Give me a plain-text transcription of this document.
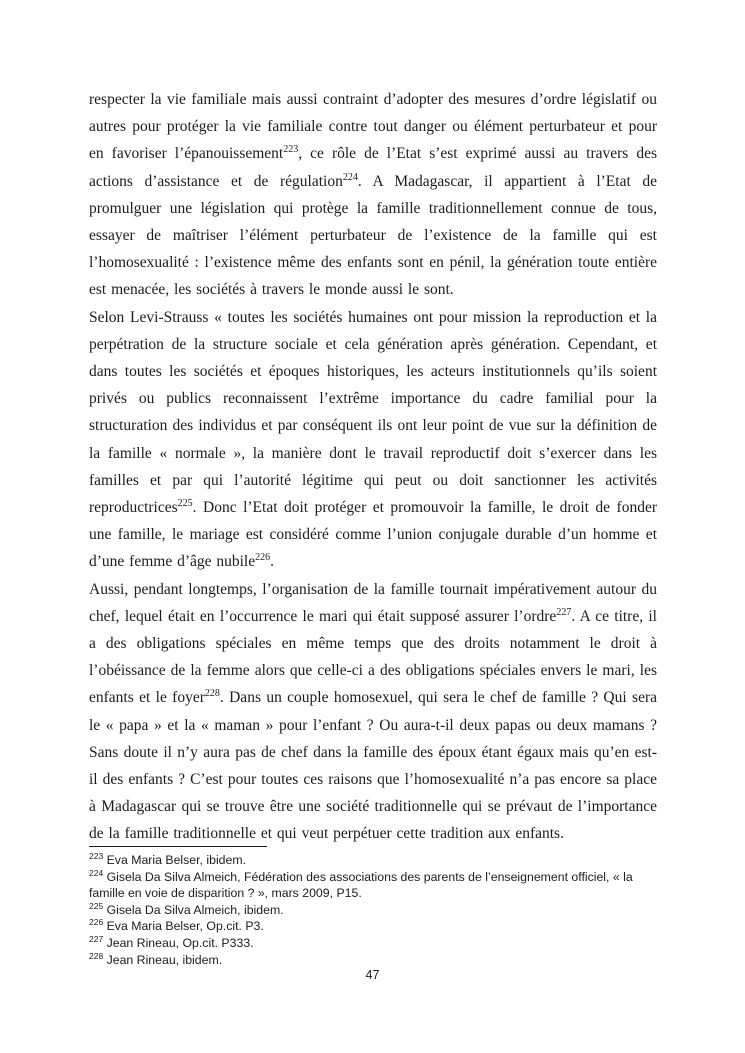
respecter la vie familiale mais aussi contraint d’adopter des mesures d’ordre législatif ou autres pour protéger la vie familiale contre tout danger ou élément perturbateur et pour en favoriser l’épanouissement$^{223}$, ce rôle de l’Etat s’est exprimé aussi au travers des actions d’assistance et de régulation$^{224}$. A Madagascar, il appartient à l’Etat de promulguer une législation qui protège la famille traditionnellement connue de tous, essayer de maîtriser l’élément perturbateur de l’existence de la famille qui est l’homosexualité : l’existence même des enfants sont en pénil, la génération toute entière est menacée, les sociétés à travers le monde aussi le sont.

Selon Levi-Strauss « toutes les sociétés humaines ont pour mission la reproduction et la perpétration de la structure sociale et cela génération après génération. Cependant, et dans toutes les sociétés et époques historiques, les acteurs institutionnels qu’ils soient privés ou publics reconnaissent l’extrême importance du cadre familial pour la structuration des individus et par conséquent ils ont leur point de vue sur la définition de la famille « normale », la manière dont le travail reproductif doit s’exercer dans les familles et par qui l’autorité légitime qui peut ou doit sanctionner les activités reproductrices$^{225}$. Donc l’Etat doit protéger et promouvoir la famille, le droit de fonder une famille, le mariage est considéré comme l’union conjugale durable d’un homme et d’une femme d’âge nubile$^{226}$.

Aussi, pendant longtemps, l’organisation de la famille tournait impérativement autour du chef, lequel était en l’occurrence le mari qui était supposé assurer l’ordre$^{227}$. A ce titre, il a des obligations spéciales en même temps que des droits notamment le droit à l’obéissance de la femme alors que celle-ci a des obligations spéciales envers le mari, les enfants et le foyer$^{228}$. Dans un couple homosexuel, qui sera le chef de famille ? Qui sera le « papa » et la « maman » pour l’enfant ? Ou aura-t-il deux papas ou deux mamans ? Sans doute il n’y aura pas de chef dans la famille des époux étant égaux mais qu’en est-il des enfants ? C’est pour toutes ces raisons que l’homosexualité n’a pas encore sa place à Madagascar qui se trouve être une société traditionnelle qui se prévaut de l’importance de la famille traditionnelle et qui veut perpétuer cette tradition aux enfants.

$^{223}$ Eva Maria Belser, ibidem.

$^{224}$ Gisela Da Silva Almeich, Fédération des associations des parents de l’enseignement officiel, « la famille en voie de disparition ? », mars 2009, P15.

$^{225}$ Gisela Da Silva Almeich, ibidem.

$^{226}$ Eva Maria Belser, Op.cit. P3.

$^{227}$ Jean Rineau, Op.cit. P333.

$^{228}$ Jean Rineau, ibidem.

47
